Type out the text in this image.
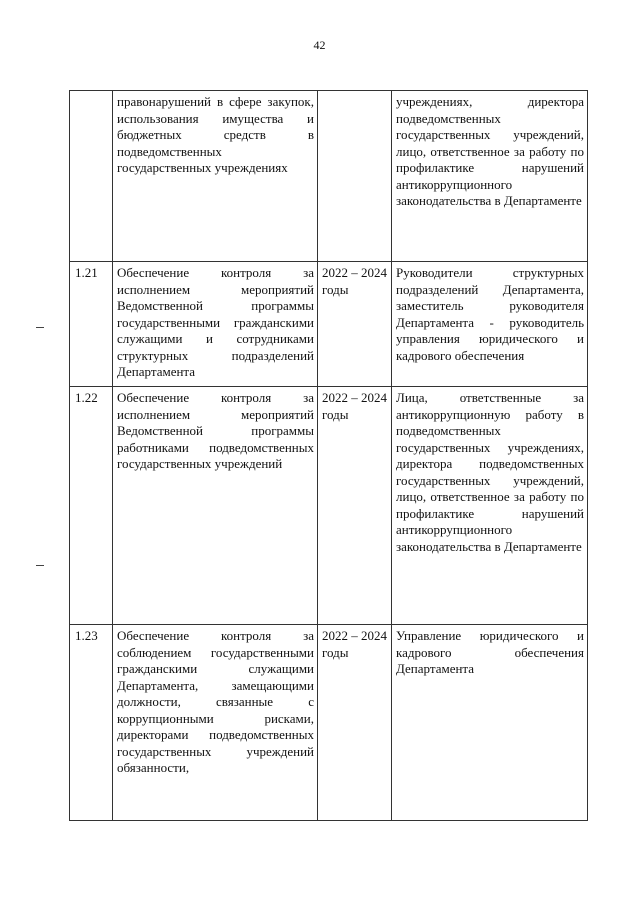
42

	правонарушений в сфере закупок, использования имущества и бюджетных средств в подведомственных государственных учреждениях		учреждениях, директора подведомственных государственных учреждений, лицо, ответственное за работу по профилактике нарушений антикоррупционного законодательства в Департаменте

1.21	Обеспечение контроля за исполнением мероприятий Ведомственной программы государственными гражданскими служащими и сотрудниками структурных подразделений Департамента	2022 – 2024 годы	Руководители структурных подразделений Департамента, заместитель руководителя Департамента - руководитель управления юридического и кадрового обеспечения

1.22	Обеспечение контроля за исполнением мероприятий Ведомственной программы работниками подведомственных государственных учреждений	2022 – 2024 годы	Лица, ответственные за антикоррупционную работу в подведомственных государственных учреждениях, директора подведомственных государственных учреждений, лицо, ответственное за работу по профилактике нарушений антикоррупционного законодательства в Департаменте

1.23	Обеспечение контроля за соблюдением государственными гражданскими служащими Департамента, замещающими должности, связанные с коррупционными рисками, директорами подведомственных государственных учреждений обязанности,	2022 – 2024 годы	Управление юридического и кадрового обеспечения Департамента
